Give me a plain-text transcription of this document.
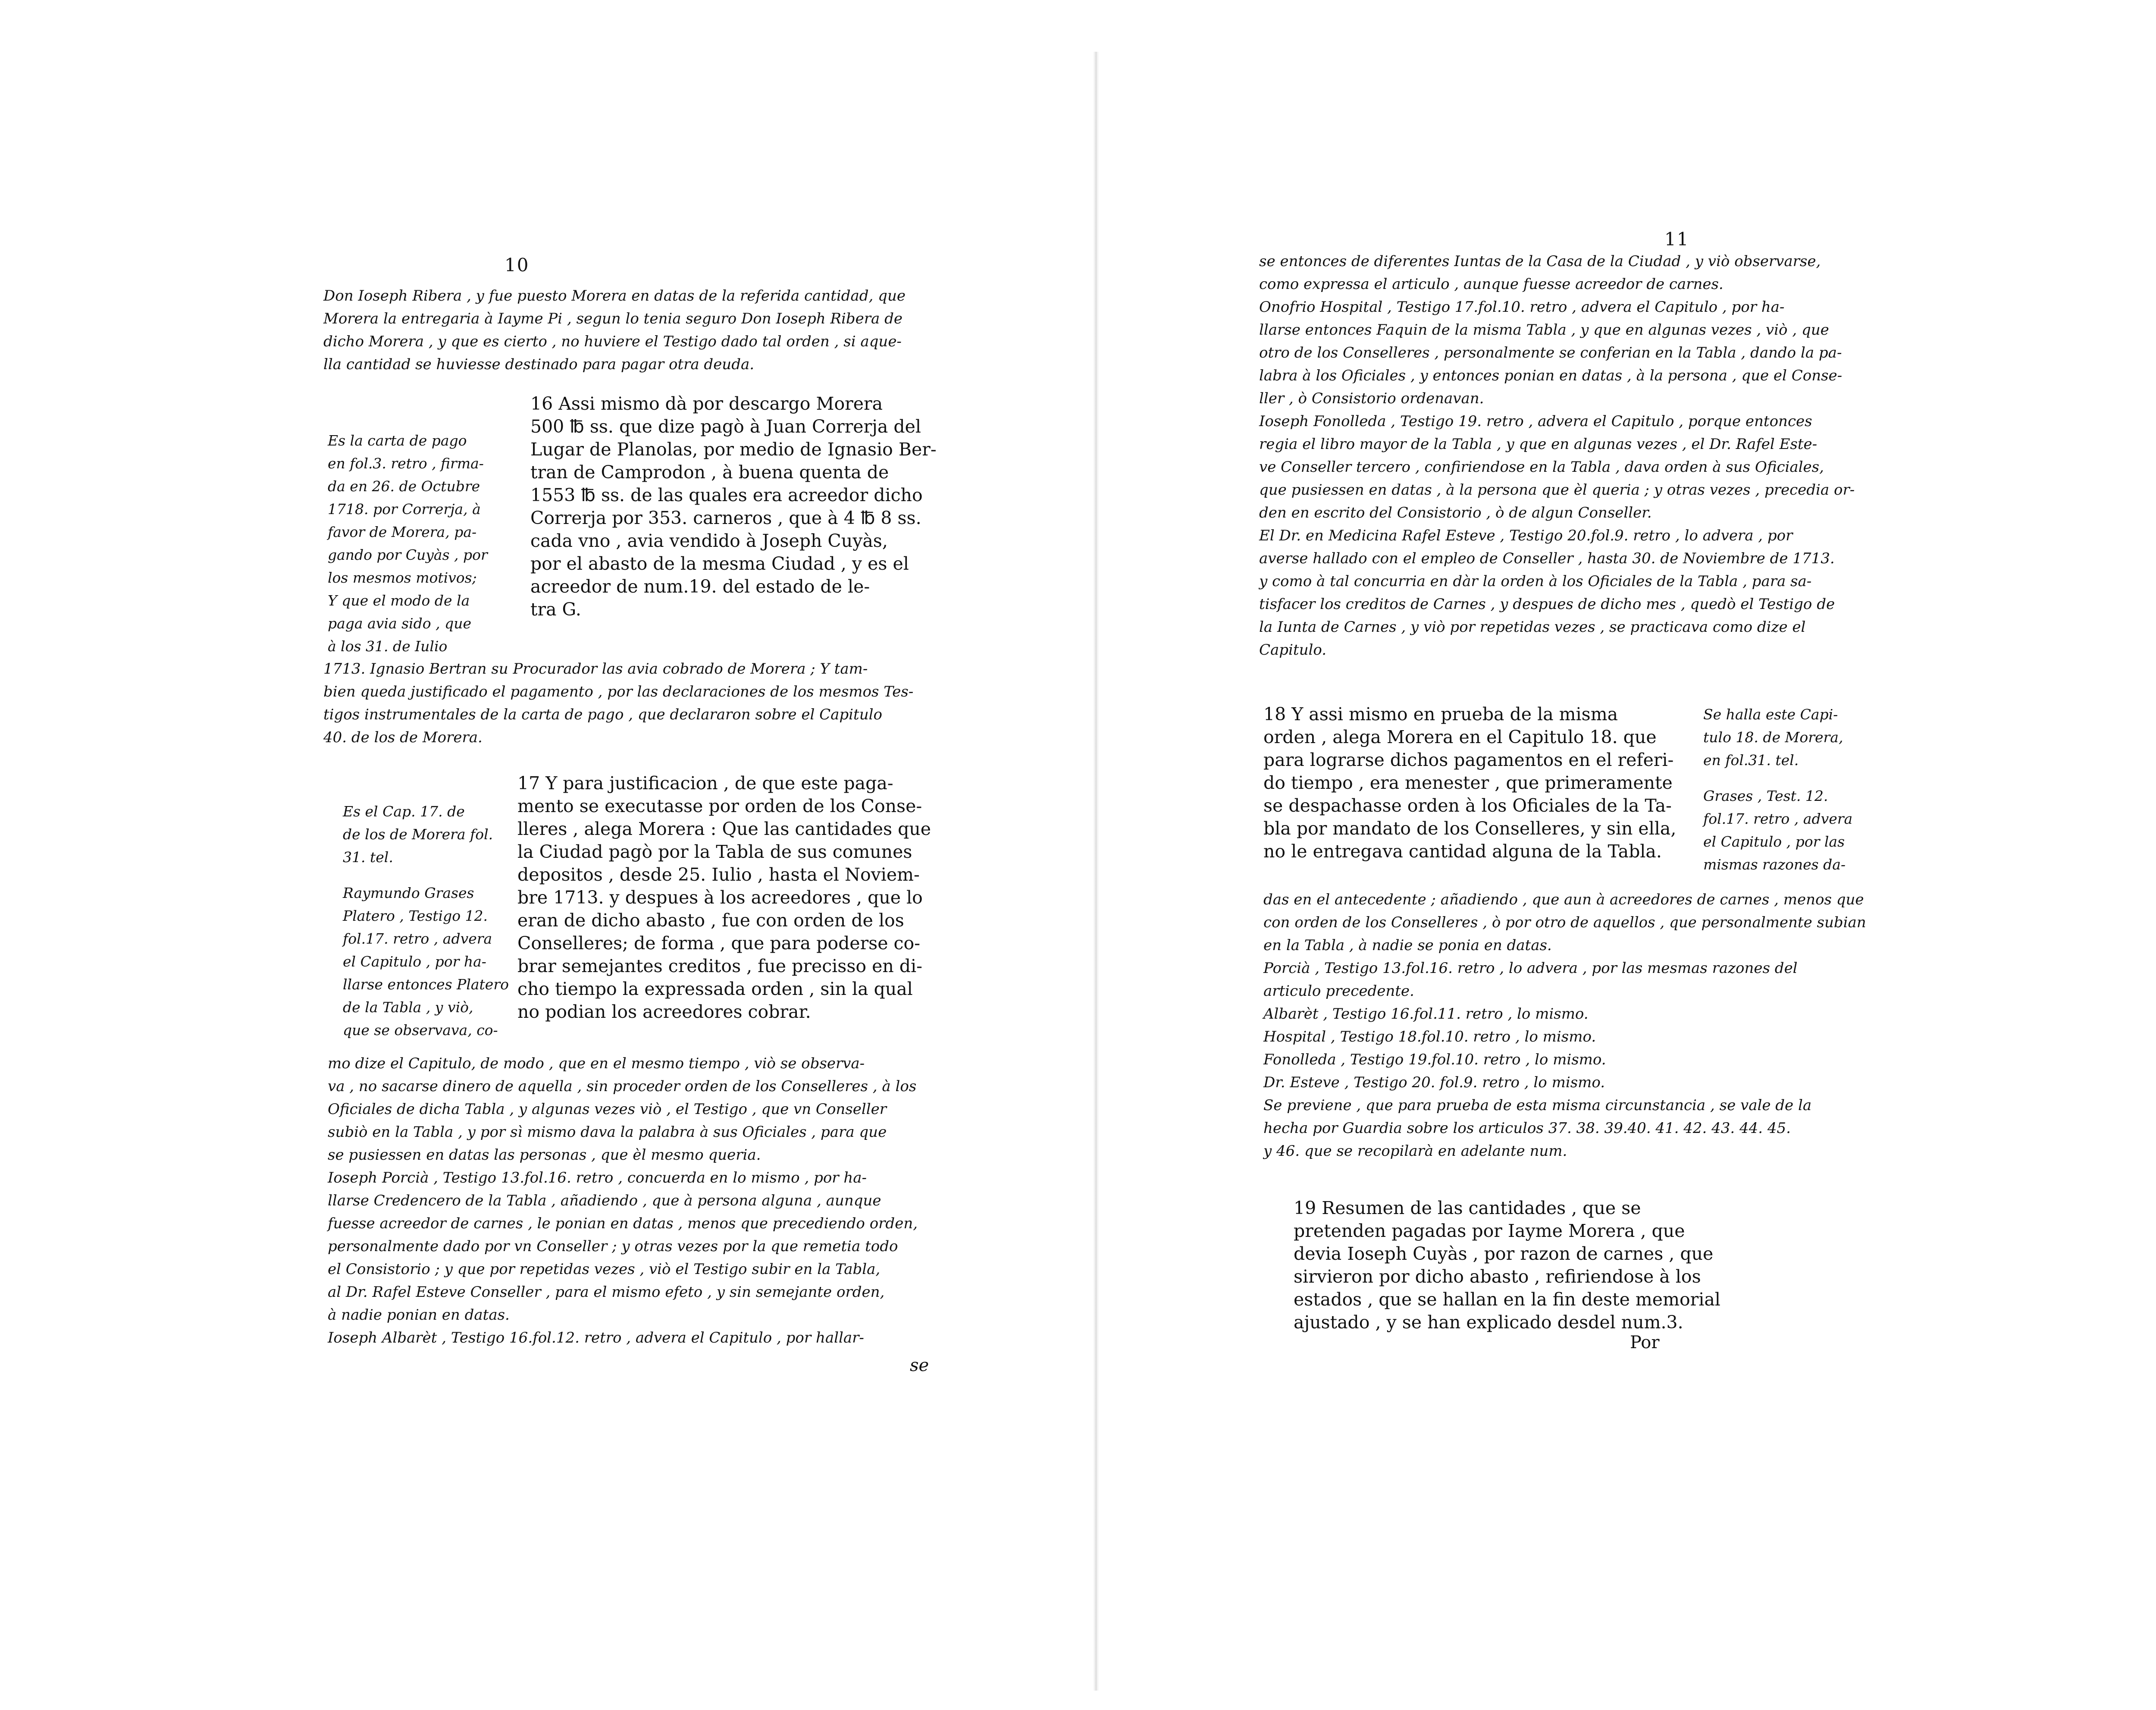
10
Don Ioseph Ribera , y fue puesto Morera en datas de la referida cantidad, que
Morera la entregaria à Iayme Pi , segun lo tenia seguro Don Ioseph Ribera de
dicho Morera , y que es cierto , no huviere el Testigo dado tal orden , si aque-
lla cantidad se huviesse destinado para pagar otra deuda.
16 Assi mismo dà por descargo Morera
500 ℔ ss. que dize pagò à Juan Correrja del
Lugar de Planolas, por medio de Ignasio Ber-
tran de Camprodon , à buena quenta de
1553 ℔ ss. de las quales era acreedor dicho
Correrja por 353. carneros , que à 4 ℔ 8 ss.
cada vno , avia vendido à Joseph Cuyàs,
por el abasto de la mesma Ciudad , y es el
acreedor de num.19. del estado de le-
tra G.
Es la carta de pago
en fol.3. retro , firma-
da en 26. de Octubre
1718. por Correrja, à
favor de Morera, pa-
gando por Cuyàs , por
los mesmos motivos;
Y que el modo de la
paga avia sido , que
à los 31. de Iulio
1713. Ignasio Bertran su Procurador las avia cobrado de Morera ; Y tam-
bien queda justificado el pagamento , por las declaraciones de los mesmos Tes-
tigos instrumentales de la carta de pago , que declararon sobre el Capitulo
40. de los de Morera.
17 Y para justificacion , de que este paga-
mento se executasse por orden de los Conse-
lleres , alega Morera : Que las cantidades que
la Ciudad pagò por la Tabla de sus comunes
depositos , desde 25. Iulio , hasta el Noviem-
bre 1713. y despues à los acreedores , que lo
eran de dicho abasto , fue con orden de los
Conselleres; de forma , que para poderse co-
brar semejantes creditos , fue precisso en di-
cho tiempo la expressada orden , sin la qual
no podian los acreedores cobrar.
Es el Cap. 17. de
de los de Morera fol.
31. tel.
Raymundo Grases
Platero , Testigo 12.
fol.17. retro , advera
el Capitulo , por ha-
llarse entonces Platero
de la Tabla , y viò,
que se observava, co-
mo dize el Capitulo, de modo , que en el mesmo tiempo , viò se observa-
va , no sacarse dinero de aquella , sin proceder orden de los Conselleres , à los
Oficiales de dicha Tabla , y algunas vezes viò , el Testigo , que vn Conseller
subiò en la Tabla , y por sì mismo dava la palabra à sus Oficiales , para que
se pusiessen en datas las personas , que èl mesmo queria.
Ioseph Porcià , Testigo 13.fol.16. retro , concuerda en lo mismo , por ha-
llarse Credencero de la Tabla , añadiendo , que à persona alguna , aunque
fuesse acreedor de carnes , le ponian en datas , menos que precediendo orden,
personalmente dado por vn Conseller ; y otras vezes por la que remetia todo
el Consistorio ; y que por repetidas vezes , viò el Testigo subir en la Tabla,
al Dr. Rafel Esteve Conseller , para el mismo efeto , y sin semejante orden,
à nadie ponian en datas.
Ioseph Albarèt , Testigo 16.fol.12. retro , advera el Capitulo , por hallar-
se
11
se entonces de diferentes Iuntas de la Casa de la Ciudad , y viò observarse,
como expressa el articulo , aunque fuesse acreedor de carnes.
Onofrio Hospital , Testigo 17.fol.10. retro , advera el Capitulo , por ha-
llarse entonces Faquin de la misma Tabla , y que en algunas vezes , viò , que
otro de los Conselleres , personalmente se conferian en la Tabla , dando la pa-
labra à los Oficiales , y entonces ponian en datas , à la persona , que el Conse-
ller , ò Consistorio ordenavan.
Ioseph Fonolleda , Testigo 19. retro , advera el Capitulo , porque entonces
regia el libro mayor de la Tabla , y que en algunas vezes , el Dr. Rafel Este-
ve Conseller tercero , confiriendose en la Tabla , dava orden à sus Oficiales,
que pusiessen en datas , à la persona que èl queria ; y otras vezes , precedia or-
den en escrito del Consistorio , ò de algun Conseller.
El Dr. en Medicina Rafel Esteve , Testigo 20.fol.9. retro , lo advera , por
averse hallado con el empleo de Conseller , hasta 30. de Noviembre de 1713.
y como à tal concurria en dàr la orden à los Oficiales de la Tabla , para sa-
tisfacer los creditos de Carnes , y despues de dicho mes , quedò el Testigo de
la Iunta de Carnes , y viò por repetidas vezes , se practicava como dize el
Capitulo.
18 Y assi mismo en prueba de la misma
orden , alega Morera en el Capitulo 18. que
para lograrse dichos pagamentos en el referi-
do tiempo , era menester , que primeramente
se despachasse orden à los Oficiales de la Ta-
bla por mandato de los Conselleres, y sin ella,
no le entregava cantidad alguna de la Tabla.
Se halla este Capi-
tulo 18. de Morera,
en fol.31. tel.
Grases , Test. 12.
fol.17. retro , advera
el Capitulo , por las
mismas razones da-
das en el antecedente ; añadiendo , que aun à acreedores de carnes , menos que
con orden de los Conselleres , ò por otro de aquellos , que personalmente subian
en la Tabla , à nadie se ponia en datas.
Porcià , Testigo 13.fol.16. retro , lo advera , por las mesmas razones del
articulo precedente.
Albarèt , Testigo 16.fol.11. retro , lo mismo.
Hospital , Testigo 18.fol.10. retro , lo mismo.
Fonolleda , Testigo 19.fol.10. retro , lo mismo.
Dr. Esteve , Testigo 20. fol.9. retro , lo mismo.
Se previene , que para prueba de esta misma circunstancia , se vale de la
hecha por Guardia sobre los articulos 37. 38. 39.40. 41. 42. 43. 44. 45.
y 46. que se recopilarà en adelante num.
19 Resumen de las cantidades , que se
pretenden pagadas por Iayme Morera , que
devia Ioseph Cuyàs , por razon de carnes , que
sirvieron por dicho abasto , refiriendose à los
estados , que se hallan en la fin deste memorial
ajustado , y se han explicado desdel num.3.
Por
